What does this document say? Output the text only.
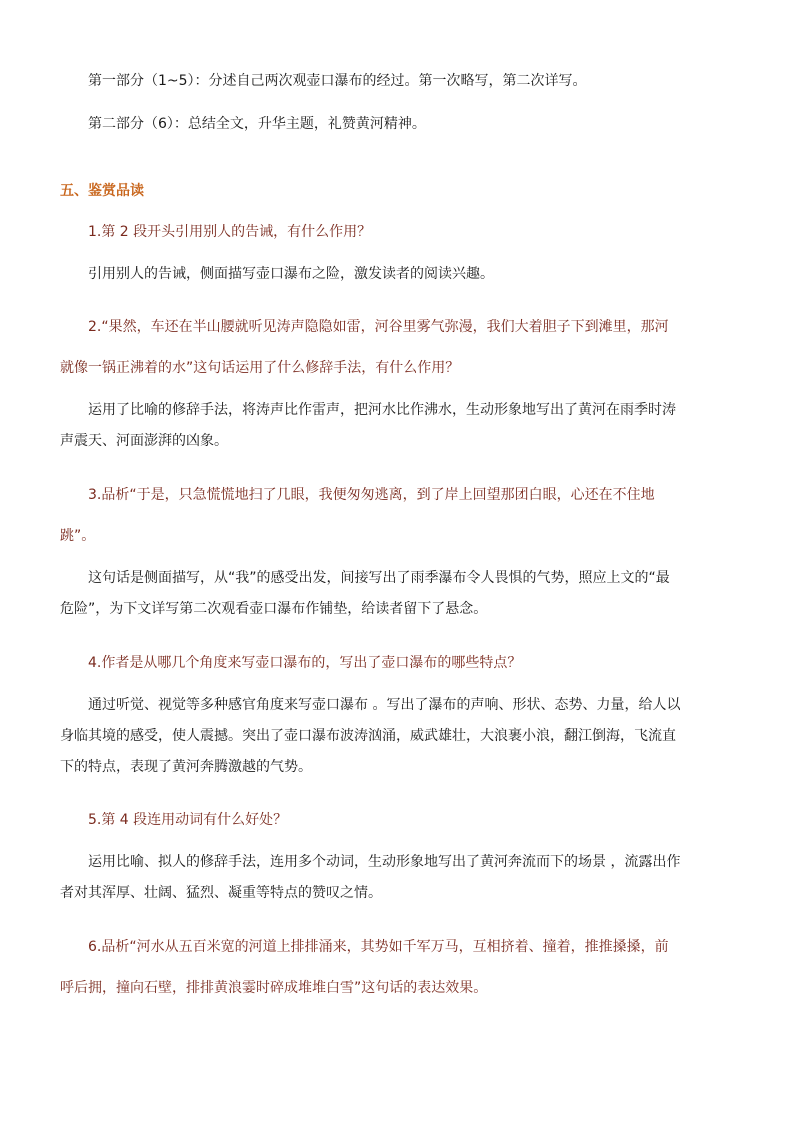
第一部分（1~5）：分述自己两次观壶口瀑布的经过。第一次略写，第二次详写。

第二部分（6）：总结全文，升华主题，礼赞黄河精神。

五、鉴赏品读

1.第 2 段开头引用别人的告诫，有什么作用？

引用别人的告诫，侧面描写壶口瀑布之险，激发读者的阅读兴趣。

2.“果然，车还在半山腰就听见涛声隐隐如雷，河谷里雾气弥漫，我们大着胆子下到滩里，那河

就像一锅正沸着的水”这句话运用了什么修辞手法，有什么作用？

运用了比喻的修辞手法，将涛声比作雷声，把河水比作沸水，生动形象地写出了黄河在雨季时涛

声震天、河面澎湃的凶象。

3.品析“于是，只急慌慌地扫了几眼，我便匆匆逃离，到了岸上回望那团白眼，心还在不住地

跳”。

这句话是侧面描写，从“我”的感受出发，间接写出了雨季瀑布令人畏惧的气势，照应上文的“最

危险”，为下文详写第二次观看壶口瀑布作铺垫，给读者留下了悬念。

4.作者是从哪几个角度来写壶口瀑布的，写出了壶口瀑布的哪些特点？

通过听觉、视觉等多种感官角度来写壶口瀑布 。写出了瀑布的声响、形状、态势、力量，给人以

身临其境的感受，使人震撼。突出了壶口瀑布波涛汹涌，威武雄壮，大浪裹小浪，翻江倒海，飞流直

下的特点，表现了黄河奔腾激越的气势。

5.第 4 段连用动词有什么好处？

运用比喻、拟人的修辞手法，连用多个动词，生动形象地写出了黄河奔流而下的场景 ，流露出作

者对其浑厚、壮阔、猛烈、凝重等特点的赞叹之情。

6.品析“河水从五百米宽的河道上排排涌来，其势如千军万马，互相挤着、撞着，推推搡搡，前

呼后拥，撞向石壁，排排黄浪霎时碎成堆堆白雪”这句话的表达效果。
